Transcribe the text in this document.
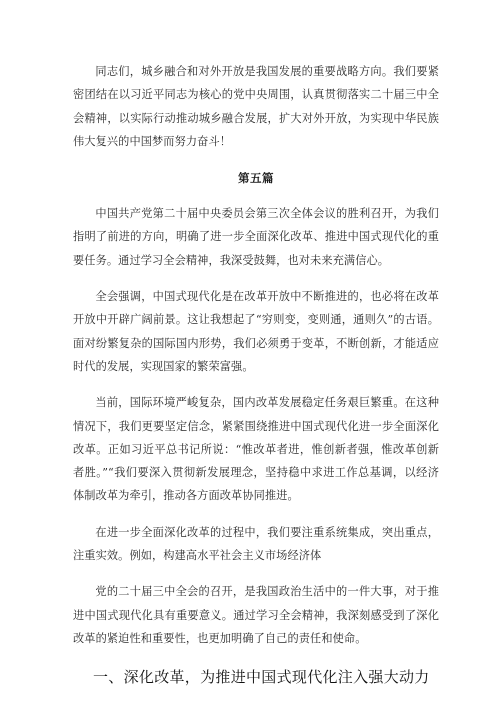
同志们，城乡融合和对外开放是我国发展的重要战略方向。我们要紧密团结在以习近平同志为核心的党中央周围，认真贯彻落实二十届三中全会精神，以实际行动推动城乡融合发展，扩大对外开放，为实现中华民族伟大复兴的中国梦而努力奋斗！

第五篇

中国共产党第二十届中央委员会第三次全体会议的胜利召开，为我们指明了前进的方向，明确了进一步全面深化改革、推进中国式现代化的重要任务。通过学习全会精神，我深受鼓舞，也对未来充满信心。

全会强调，中国式现代化是在改革开放中不断推进的，也必将在改革开放中开辟广阔前景。这让我想起了“穷则变，变则通，通则久”的古语。面对纷繁复杂的国际国内形势，我们必须勇于变革，不断创新，才能适应时代的发展，实现国家的繁荣富强。

当前，国际环境严峻复杂，国内改革发展稳定任务艰巨繁重。在这种情况下，我们更要坚定信念，紧紧围绕推进中国式现代化进一步全面深化改革。正如习近平总书记所说：“惟改革者进，惟创新者强，惟改革创新者胜。”“我们要深入贯彻新发展理念，坚持稳中求进工作总基调，以经济体制改革为牵引，推动各方面改革协同推进。

在进一步全面深化改革的过程中，我们要注重系统集成，突出重点，注重实效。例如，构建高水平社会主义市场经济体

党的二十届三中全会的召开，是我国政治生活中的一件大事，对于推进中国式现代化具有重要意义。通过学习全会精神，我深刻感受到了深化改革的紧迫性和重要性，也更加明确了自己的责任和使命。

一、深化改革，为推进中国式现代化注入强大动力
